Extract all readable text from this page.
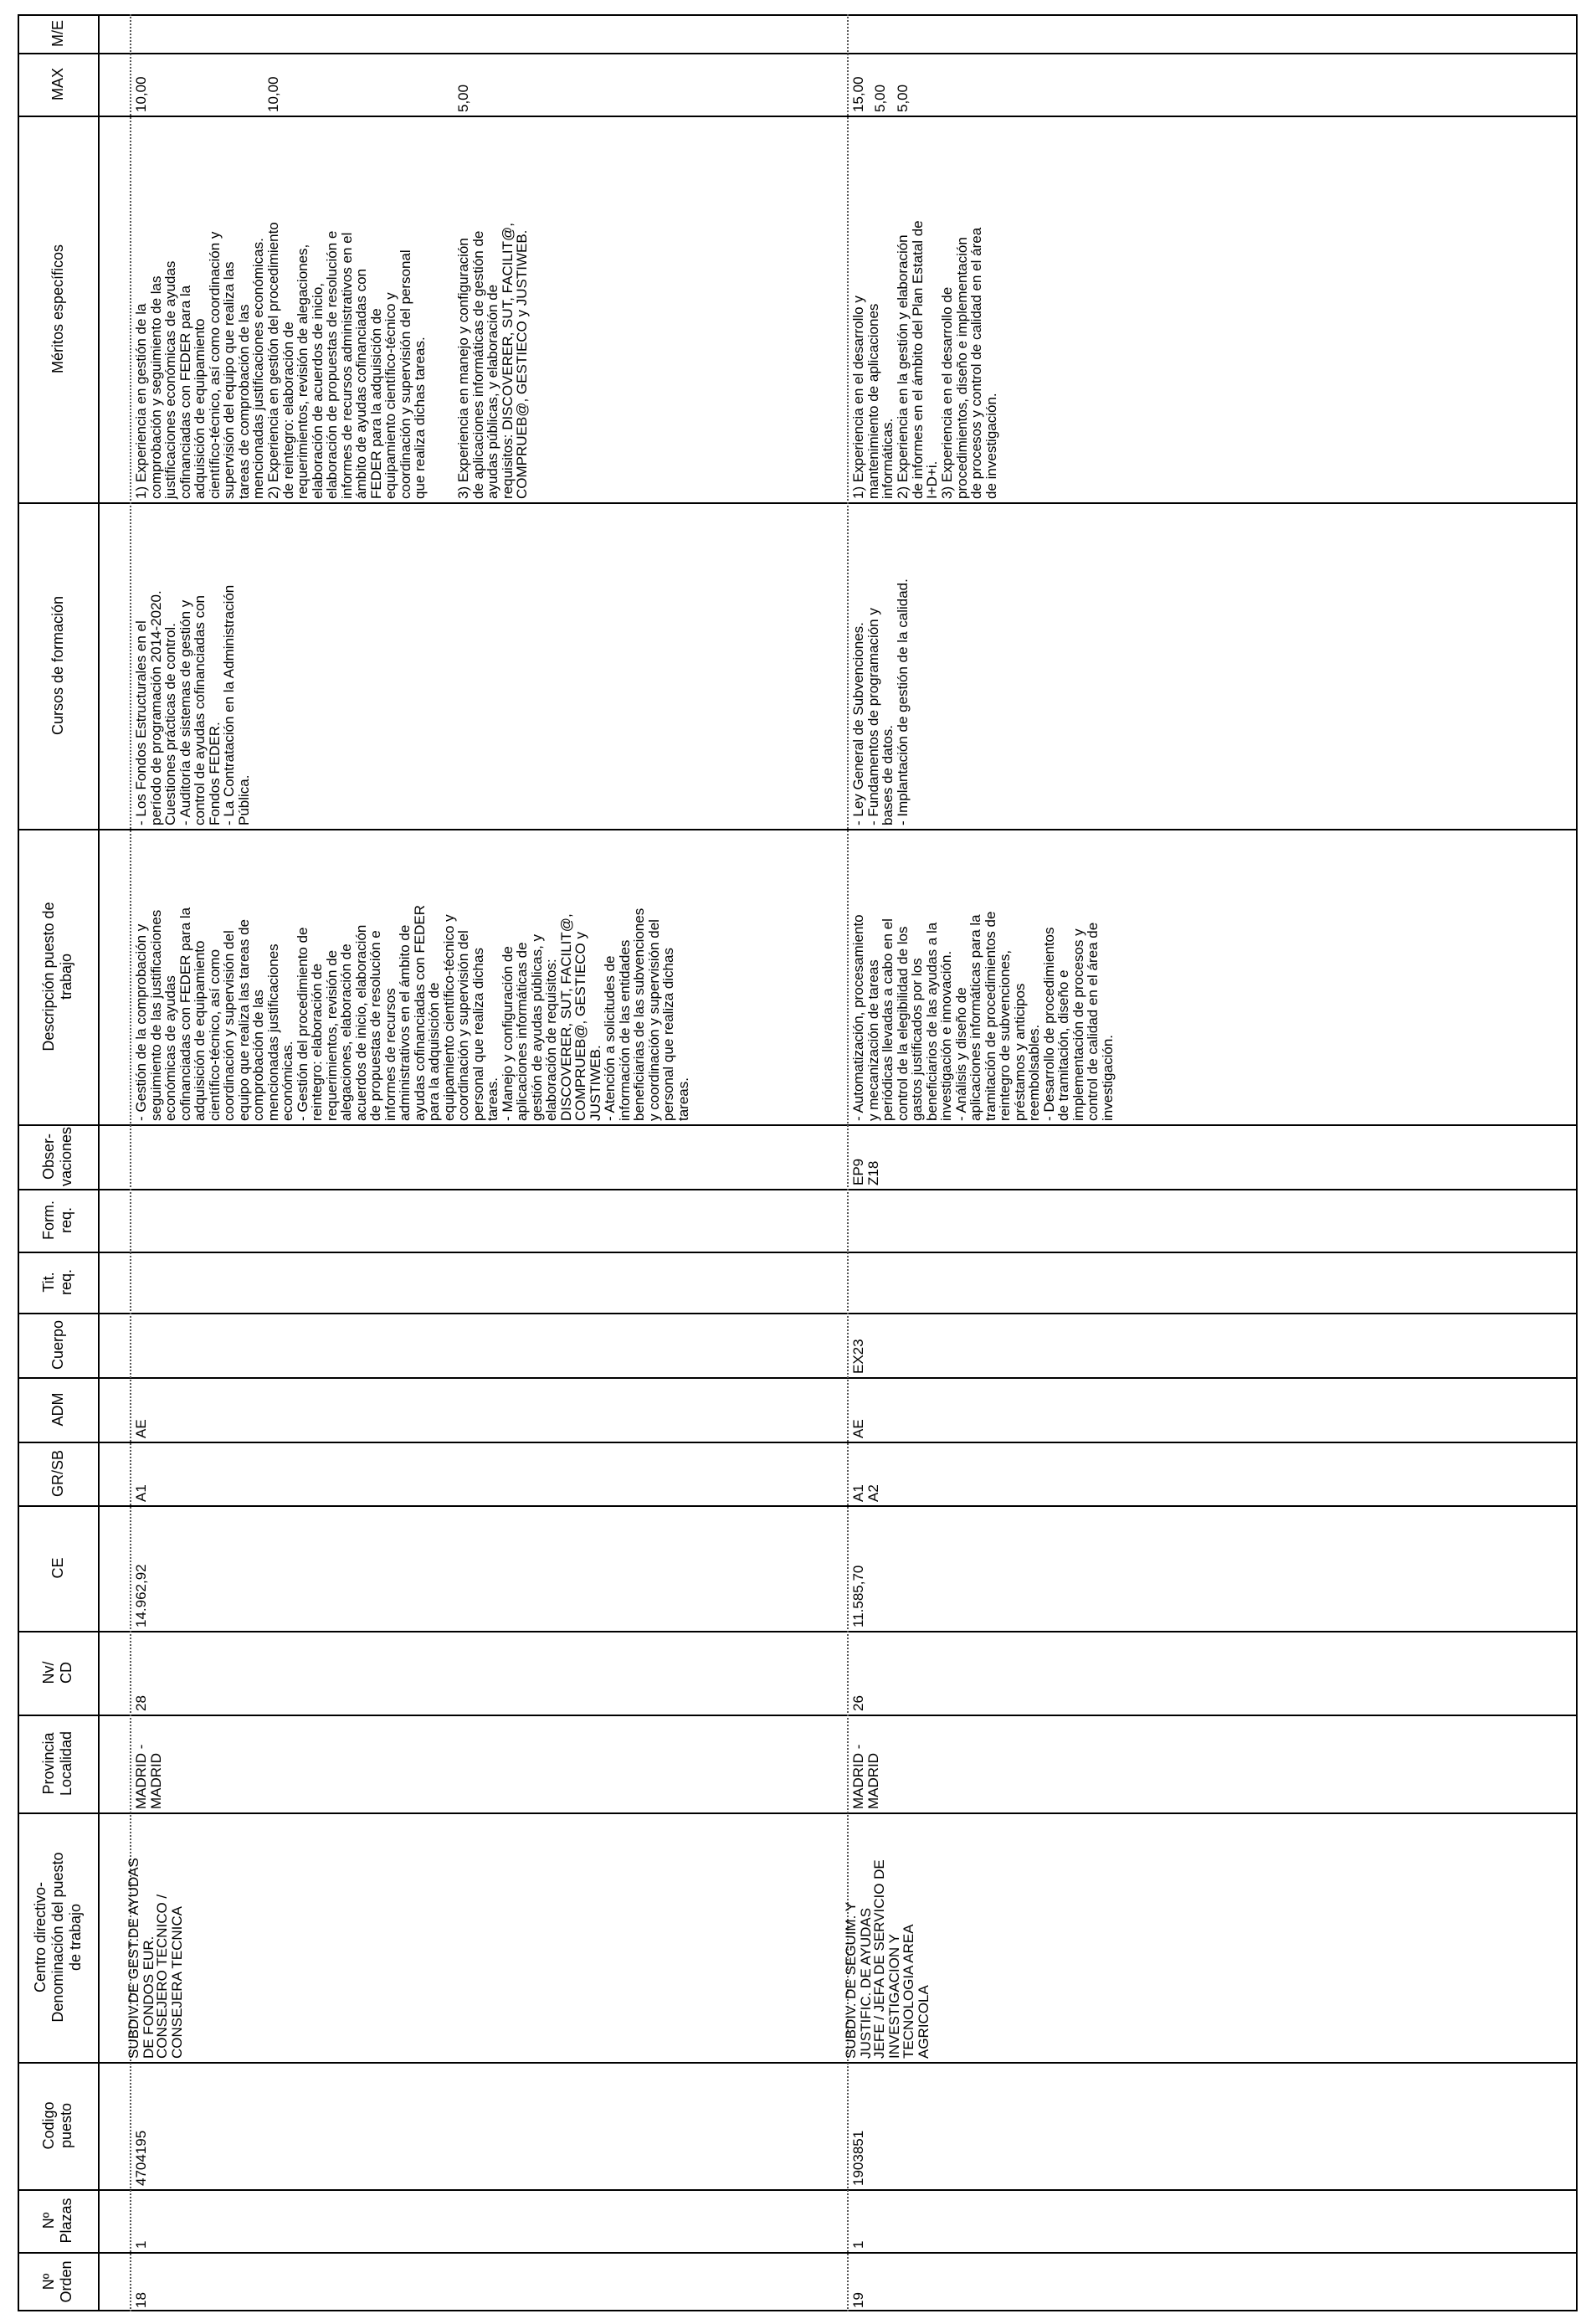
Nº
Orden
Nº
Plazas
Codigo
puesto
Centro directivo-
Denominación del puesto
de trabajo
Provincia
Localidad
Nv/
CD
CE
GR/SB
ADM
Cuerpo
Tit.
req.
Form.
req.
Obser-
vaciones
Descripción puesto de
trabajo
Cursos de formación
Méritos específicos
MAX
M/E
18
1
4704195
SUBDIV.DE GEST.DE AYUDAS
DE FONDOS EUR.
CONSEJERO TECNICO /
CONSEJERA TECNICA
MADRID -
MADRID
28
14.962,92
A1
AE
- Gestión de la comprobación y
seguimiento de las justificaciones
económicas de ayudas
cofinanciadas con FEDER para la
adquisición de equipamiento
científico-técnico, así como
coordinación y supervisión del
equipo que realiza las tareas de
comprobación de las
mencionadas justificaciones
económicas.
- Gestión del procedimiento de
reintegro: elaboración de
requerimientos, revisión de
alegaciones, elaboración de
acuerdos de inicio, elaboración
de propuestas de resolución e
informes de recursos
administrativos en el ámbito de
ayudas cofinanciadas con FEDER
para la adquisición de
equipamiento científico-técnico y
coordinación y supervisión del
personal que realiza dichas
tareas.
- Manejo y configuración de
aplicaciones informáticas de
gestión de ayudas públicas, y
elaboración de requisitos:
DISCOVERER, SUT, FACILIT@,
COMPRUEB@, GESTIECO y
JUSTIWEB.
- Atención a solicitudes de
información de las entidades
beneficiarias de las subvenciones
y coordinación y supervisión del
personal que realiza dichas
tareas.
- Los Fondos Estructurales en el
período de programación 2014-2020.
Cuestiones prácticas de control.
- Auditoría de sistemas de gestión y
control de ayudas cofinanciadas con
Fondos FEDER.
- La Contratación en la Administración
Pública.
1) Experiencia en gestión de la
comprobación y seguimiento de las
justificaciones económicas de ayudas
cofinanciadas con FEDER para la
adquisición de equipamiento
científico-técnico, así como coordinación y
supervisión del equipo que realiza las
tareas de comprobación de las
mencionadas justificaciones económicas.
2) Experiencia en gestión del procedimiento
de reintegro: elaboración de
requerimientos, revisión de alegaciones,
elaboración de acuerdos de inicio,
elaboración de propuestas de resolución e
informes de recursos administrativos en el
ámbito de ayudas cofinanciadas con
FEDER para la adquisición de
equipamiento científico-técnico y
coordinación y supervisión del personal
que realiza dichas tareas.
3) Experiencia en manejo y configuración
de aplicaciones informáticas de gestión de
ayudas públicas, y elaboración de
requisitos: DISCOVERER, SUT, FACILIT@,
COMPRUEB@, GESTIECO y JUSTIWEB.
10,00	10,00	5,00
19
1
1903851
SUBDIV. DE SEGUIM. Y
JUSTIFIC. DE AYUDAS
JEFE / JEFA DE SERVICIO DE
INVESTIGACION Y
TECNOLOGIA AREA
AGRICOLA
MADRID -
MADRID
26
11.585,70
A1
A2
AE
EX23
EP9
Z18
- Automatización, procesamiento
y mecanización de tareas
periódicas llevadas a cabo en el
control de la elegibilidad de los
gastos justificados por los
beneficiarios de las ayudas a la
investigación e innovación.
- Análisis y diseño de
aplicaciones informáticas para la
tramitación de procedimientos de
reintegro de subvenciones,
préstamos y anticipos
reembolsables.
- Desarrollo de procedimientos
de tramitación, diseño e
implementación de procesos y
control de calidad en el área de
investigación.
- Ley General de Subvenciones.
- Fundamentos de programación y
bases de datos.
- Implantación de gestión de la calidad.
1) Experiencia en el desarrollo y
mantenimiento de aplicaciones
informáticas. 2) Experiencia en la gestión y elaboración
de informes en el ámbito del Plan Estatal de
I+D+i. 3) Experiencia en el desarrollo de
procedimientos, diseño e implementación
de procesos y control de calidad en el área
de investigación.
15,00 5,00 5,00
